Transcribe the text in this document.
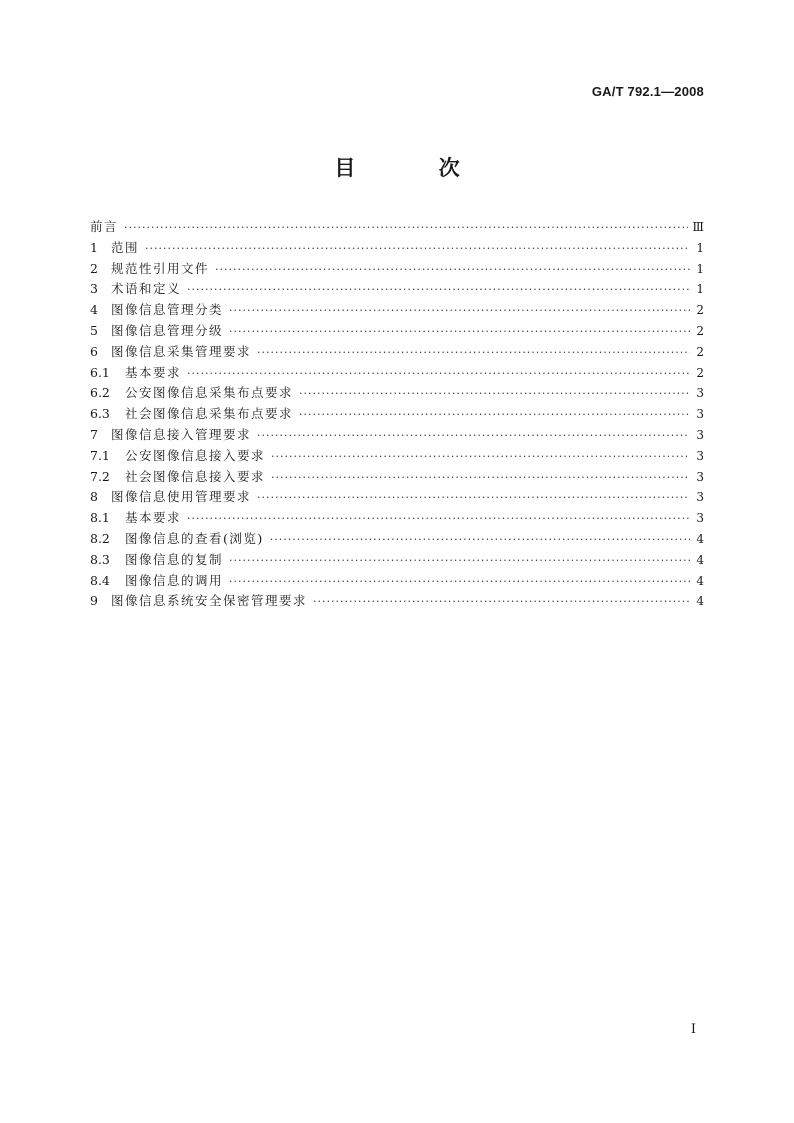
GA/T 792.1—2008
目 次
前言 ·····	Ⅲ
1	范围 ·····	1
2	规范性引用文件 ·····	1
3	术语和定义 ·····	1
4	图像信息管理分类 ·····	2
5	图像信息管理分级 ·····	2
6	图像信息采集管理要求 ·····	2
6.1	基本要求 ·····	2
6.2	公安图像信息采集布点要求 ·····	3
6.3	社会图像信息采集布点要求 ·····	3
7	图像信息接入管理要求 ·····	3
7.1	公安图像信息接入要求 ·····	3
7.2	社会图像信息接入要求 ·····	3
8	图像信息使用管理要求 ·····	3
8.1	基本要求 ·····	3
8.2	图像信息的查看(浏览) ·····	4
8.3	图像信息的复制 ·····	4
8.4	图像信息的调用 ·····	4
9	图像信息系统安全保密管理要求 ·····	4
I
